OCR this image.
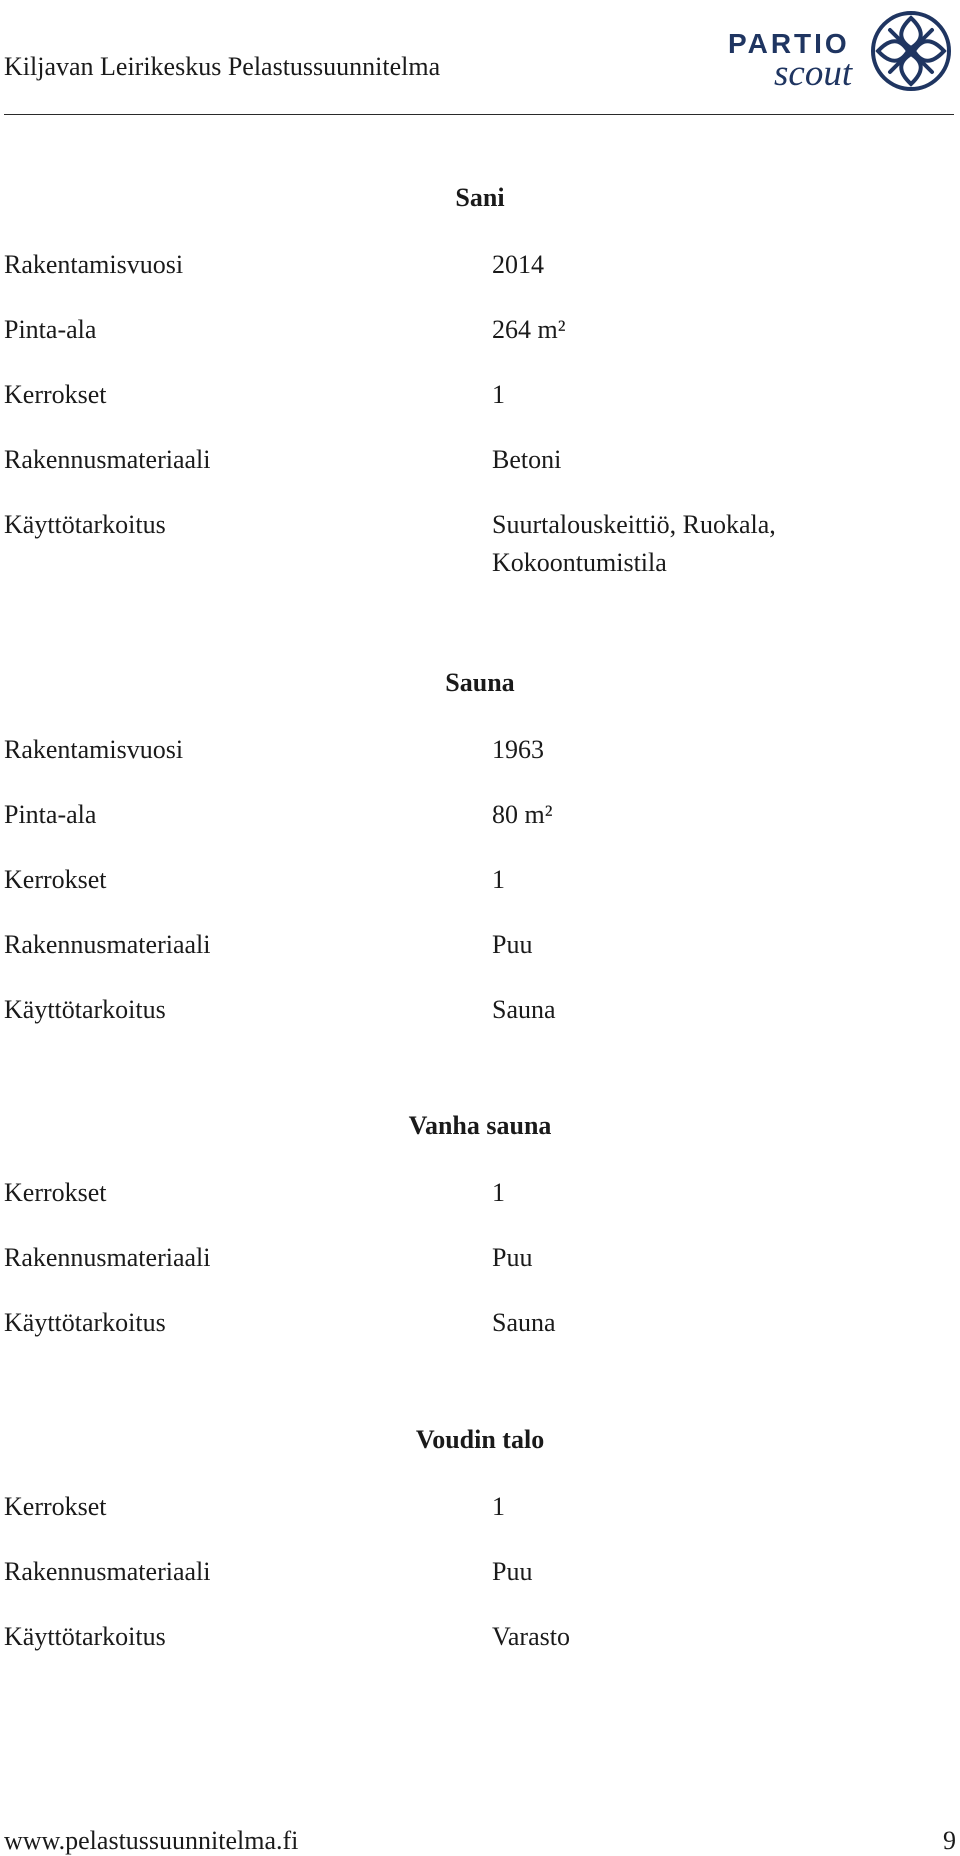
Kiljavan Leirikeskus Pelastussuunnitelma
PARTIO
scout
Sani
Rakentamisvuosi	2014
Pinta-ala	264 m²
Kerrokset	1
Rakennusmateriaali	Betoni
Käyttötarkoitus	Suurtalouskeittiö, Ruokala,
Kokoontumistila
Sauna
Rakentamisvuosi	1963
Pinta-ala	80 m²
Kerrokset	1
Rakennusmateriaali	Puu
Käyttötarkoitus	Sauna
Vanha sauna
Kerrokset	1
Rakennusmateriaali	Puu
Käyttötarkoitus	Sauna
Voudin talo
Kerrokset	1
Rakennusmateriaali	Puu
Käyttötarkoitus	Varasto
www.pelastussuunnitelma.fi	9
